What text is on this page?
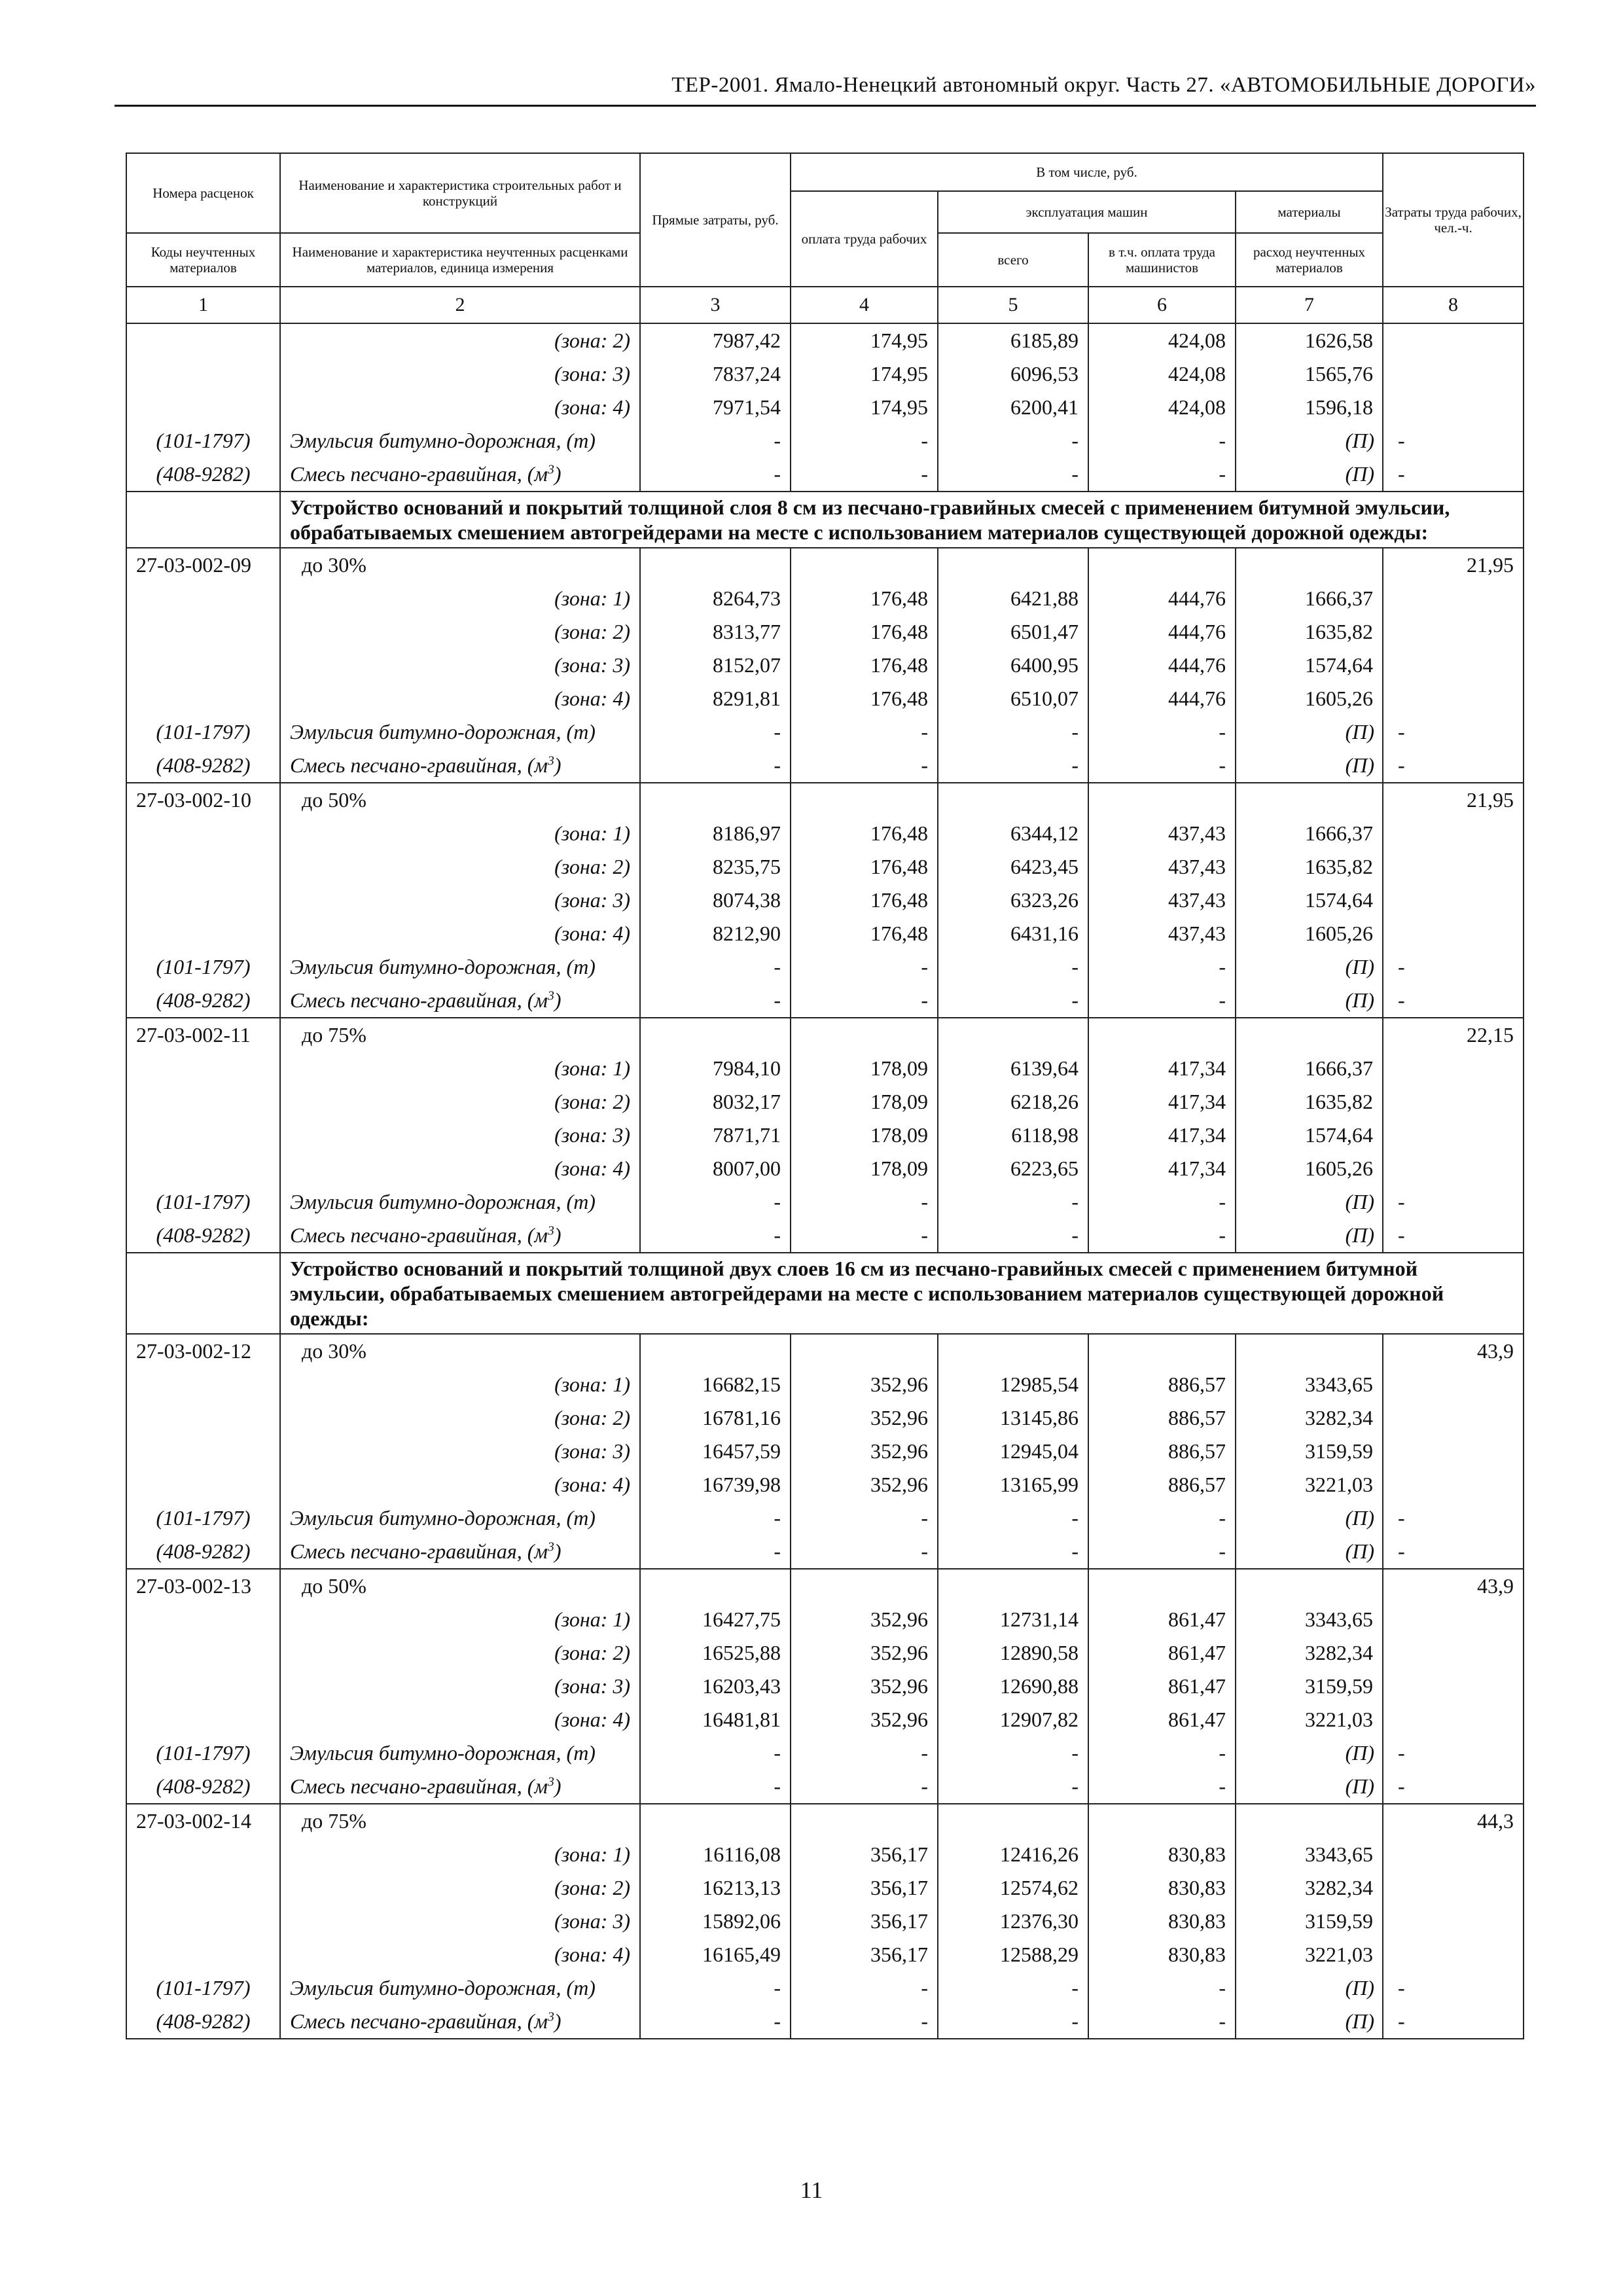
ТЕР-2001. Ямало-Ненецкий автономный округ. Часть 27. «АВТОМОБИЛЬНЫЕ ДОРОГИ»
Номера расценок	Наименование и характеристика строительных работ и конструкций	Прямые затраты, руб.	В том числе, руб.				Затраты труда рабочих, чел.-ч.
			оплата труда рабочих	эксплуатация машин		материалы	
Коды неучтенных материалов	Наименование и характеристика неучтенных расценками материалов, единица измерения			всего	в т.ч. оплата труда машинистов	расход неучтенных материалов	
1	2	3	4	5	6	7	8
	(зона: 2)	7987,42	174,95	6185,89	424,08	1626,58	
	(зона: 3)	7837,24	174,95	6096,53	424,08	1565,76	
	(зона: 4)	7971,54	174,95	6200,41	424,08	1596,18	
(101-1797)	Эмульсия битумно-дорожная, (т)	-	-	-	-	(П)	-
(408-9282)	Смесь песчано-гравийная, $(м^3)$	-	-	-	-	(П)	-
	Устройство оснований и покрытий толщиной слоя 8 см из песчано-гравийных смесей с применением битумной эмульсии, обрабатываемых смешением автогрейдерами на месте с использованием материалов существующей дорожной одежды:						
27-03-002-09	до 30%						21,95
	(зона: 1)	8264,73	176,48	6421,88	444,76	1666,37	
	(зона: 2)	8313,77	176,48	6501,47	444,76	1635,82	
	(зона: 3)	8152,07	176,48	6400,95	444,76	1574,64	
	(зона: 4)	8291,81	176,48	6510,07	444,76	1605,26	
(101-1797)	Эмульсия битумно-дорожная, (т)	-	-	-	-	(П)	-
(408-9282)	Смесь песчано-гравийная, $(м^3)$	-	-	-	-	(П)	-
27-03-002-10	до 50%						21,95
	(зона: 1)	8186,97	176,48	6344,12	437,43	1666,37	
	(зона: 2)	8235,75	176,48	6423,45	437,43	1635,82	
	(зона: 3)	8074,38	176,48	6323,26	437,43	1574,64	
	(зона: 4)	8212,90	176,48	6431,16	437,43	1605,26	
(101-1797)	Эмульсия битумно-дорожная, (т)	-	-	-	-	(П)	-
(408-9282)	Смесь песчано-гравийная, $(м^3)$	-	-	-	-	(П)	-
27-03-002-11	до 75%						22,15
	(зона: 1)	7984,10	178,09	6139,64	417,34	1666,37	
	(зона: 2)	8032,17	178,09	6218,26	417,34	1635,82	
	(зона: 3)	7871,71	178,09	6118,98	417,34	1574,64	
	(зона: 4)	8007,00	178,09	6223,65	417,34	1605,26	
(101-1797)	Эмульсия битумно-дорожная, (т)	-	-	-	-	(П)	-
(408-9282)	Смесь песчано-гравийная, $(м^3)$	-	-	-	-	(П)	-
	Устройство оснований и покрытий толщиной двух слоев 16 см из песчано-гравийных смесей с применением битумной эмульсии, обрабатываемых смешением автогрейдерами на месте с использованием материалов существующей дорожной одежды:						
27-03-002-12	до 30%						43,9
	(зона: 1)	16682,15	352,96	12985,54	886,57	3343,65	
	(зона: 2)	16781,16	352,96	13145,86	886,57	3282,34	
	(зона: 3)	16457,59	352,96	12945,04	886,57	3159,59	
	(зона: 4)	16739,98	352,96	13165,99	886,57	3221,03	
(101-1797)	Эмульсия битумно-дорожная, (т)	-	-	-	-	(П)	-
(408-9282)	Смесь песчано-гравийная, $(м^3)$	-	-	-	-	(П)	-
27-03-002-13	до 50%						43,9
	(зона: 1)	16427,75	352,96	12731,14	861,47	3343,65	
	(зона: 2)	16525,88	352,96	12890,58	861,47	3282,34	
	(зона: 3)	16203,43	352,96	12690,88	861,47	3159,59	
	(зона: 4)	16481,81	352,96	12907,82	861,47	3221,03	
(101-1797)	Эмульсия битумно-дорожная, (т)	-	-	-	-	(П)	-
(408-9282)	Смесь песчано-гравийная, $(м^3)$	-	-	-	-	(П)	-
27-03-002-14	до 75%						44,3
	(зона: 1)	16116,08	356,17	12416,26	830,83	3343,65	
	(зона: 2)	16213,13	356,17	12574,62	830,83	3282,34	
	(зона: 3)	15892,06	356,17	12376,30	830,83	3159,59	
	(зона: 4)	16165,49	356,17	12588,29	830,83	3221,03	
(101-1797)	Эмульсия битумно-дорожная, (т)	-	-	-	-	(П)	-
(408-9282)	Смесь песчано-гравийная, $(м^3)$	-	-	-	-	(П)	-
11
